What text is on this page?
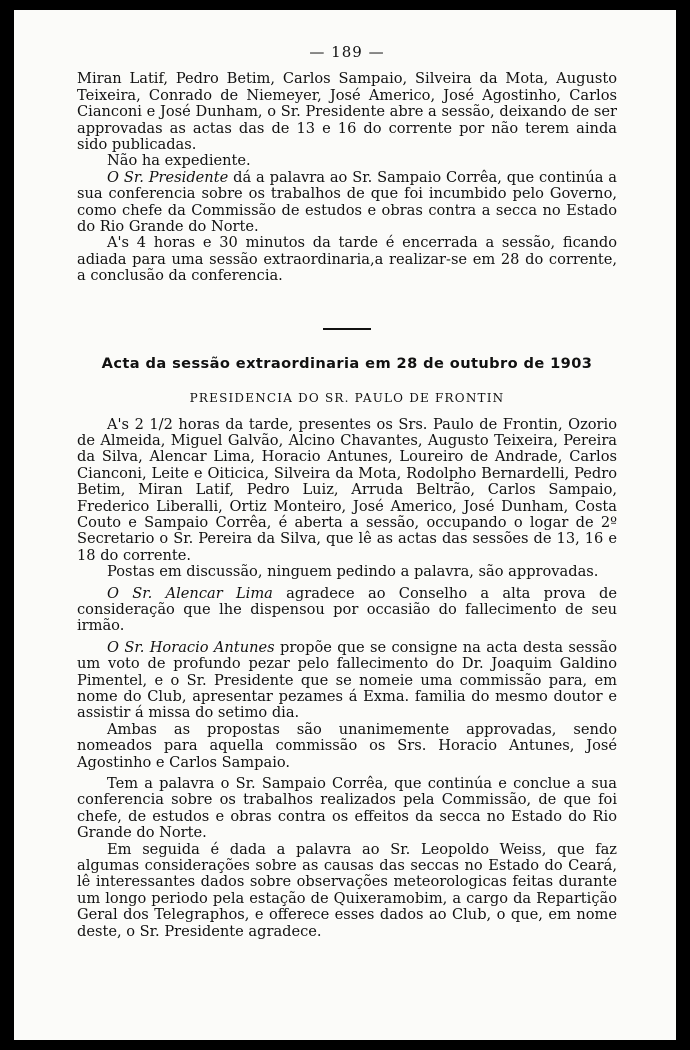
— 189 —

Miran Latif, Pedro Betim, Carlos Sampaio, Silveira da Mota, Augusto Teixeira, Conrado de Niemeyer, José Americo, José Agostinho, Carlos Cianconi e José Dunham, o Sr. Presidente abre a sessão, deixando de ser approvadas as actas das de 13 e 16 do corrente por não terem ainda sido publicadas.

Não ha expediente.

O Sr. Presidente dá a palavra ao Sr. Sampaio Corrêa, que continúa a sua conferencia sobre os trabalhos de que foi incumbido pelo Governo, como chefe da Commissão de estudos e obras contra a secca no Estado do Rio Grande do Norte.

A's 4 horas e 30 minutos da tarde é encerrada a sessão, ficando adiada para uma sessão extraordinaria,a realizar-se em 28 do corrente, a conclusão da conferencia.

Acta da sessão extraordinaria em 28 de outubro de 1903
PRESIDENCIA DO SR. PAULO DE FRONTIN

A's 2 1/2 horas da tarde, presentes os Srs. Paulo de Frontin, Ozorio de Almeida, Miguel Galvão, Alcino Chavantes, Augusto Teixeira, Pereira da Silva, Alencar Lima, Horacio Antunes, Loureiro de Andrade, Carlos Cianconi, Leite e Oiticica, Silveira da Mota, Rodolpho Bernardelli, Pedro Betim, Miran Latif, Pedro Luiz, Arruda Beltrão, Carlos Sampaio, Frederico Liberalli, Ortiz Monteiro, José Americo, José Dunham, Costa Couto e Sampaio Corrêa, é aberta a sessão, occupando o logar de 2º Secretario o Sr. Pereira da Silva, que lê as actas das sessões de 13, 16 e 18 do corrente.

Postas em discussão, ninguem pedindo a palavra, são approvadas.

O Sr. Alencar Lima agradece ao Conselho a alta prova de consideração que lhe dispensou por occasião do fallecimento de seu irmão.

O Sr. Horacio Antunes propõe que se consigne na acta desta sessão um voto de profundo pezar pelo fallecimento do Dr. Joaquim Galdino Pimentel, e o Sr. Presidente que se nomeie uma commissão para, em nome do Club, apresentar pezames á Exma. familia do mesmo doutor e assistir á missa do setimo dia.

Ambas as propostas são unanimemente approvadas, sendo nomeados para aquella commissão os Srs. Horacio Antunes, José Agostinho e Carlos Sampaio.

Tem a palavra o Sr. Sampaio Corrêa, que continúa e conclue a sua conferencia sobre os trabalhos realizados pela Commissão, de que foi chefe, de estudos e obras contra os effeitos da secca no Estado do Rio Grande do Norte.

Em seguida é dada a palavra ao Sr. Leopoldo Weiss, que faz algumas considerações sobre as causas das seccas no Estado do Ceará, lê interessantes dados sobre observações meteorologicas feitas durante um longo periodo pela estação de Quixeramobim, a cargo da Repartição Geral dos Telegraphos, e offerece esses dados ao Club, o que, em nome deste, o Sr. Presidente agradece.
